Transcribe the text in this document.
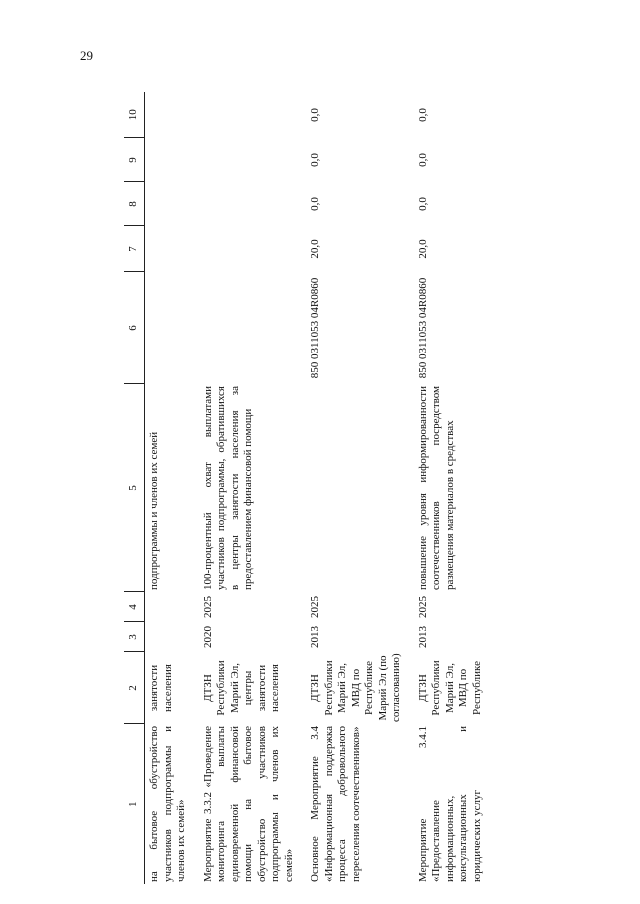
29
1	2	3	4	5	6	7	8	9	10
на бытовое обустройство участников подпрограммы и членов их семей»	занятости населения			подпрограммы и членов их семей					
Мероприятие 3.3.2 «Проведение мониторинга выплаты единовременной финансовой помощи на бытовое обустройство участников подпрограммы и членов их семей»	ДТЗН Республики Марий Эл, центры занятости населения	2020	2025	100-процентный охват выплатами участников подпрограммы, обратившихся в центры занятости населения за предоставлением финансовой помощи					
Основное Мероприятие 3.4 «Информационная поддержка процесса добровольного переселения соотечественников»	ДТЗН Республики Марий Эл, МВД по Республике Марий Эл (по согласованию)	2013	2025		850 0311053 04R0860	20,0	0,0	0,0	0,0
Мероприятие 3.4.1 «Предоставление информационных, консультационных и юридических услуг	ДТЗН Республики Марий Эл, МВД по Республике	2013	2025	повышение уровня информированности соотечественников посредством размещения материалов в средствах	850 0311053 04R0860	20,0	0,0	0,0	0,0
